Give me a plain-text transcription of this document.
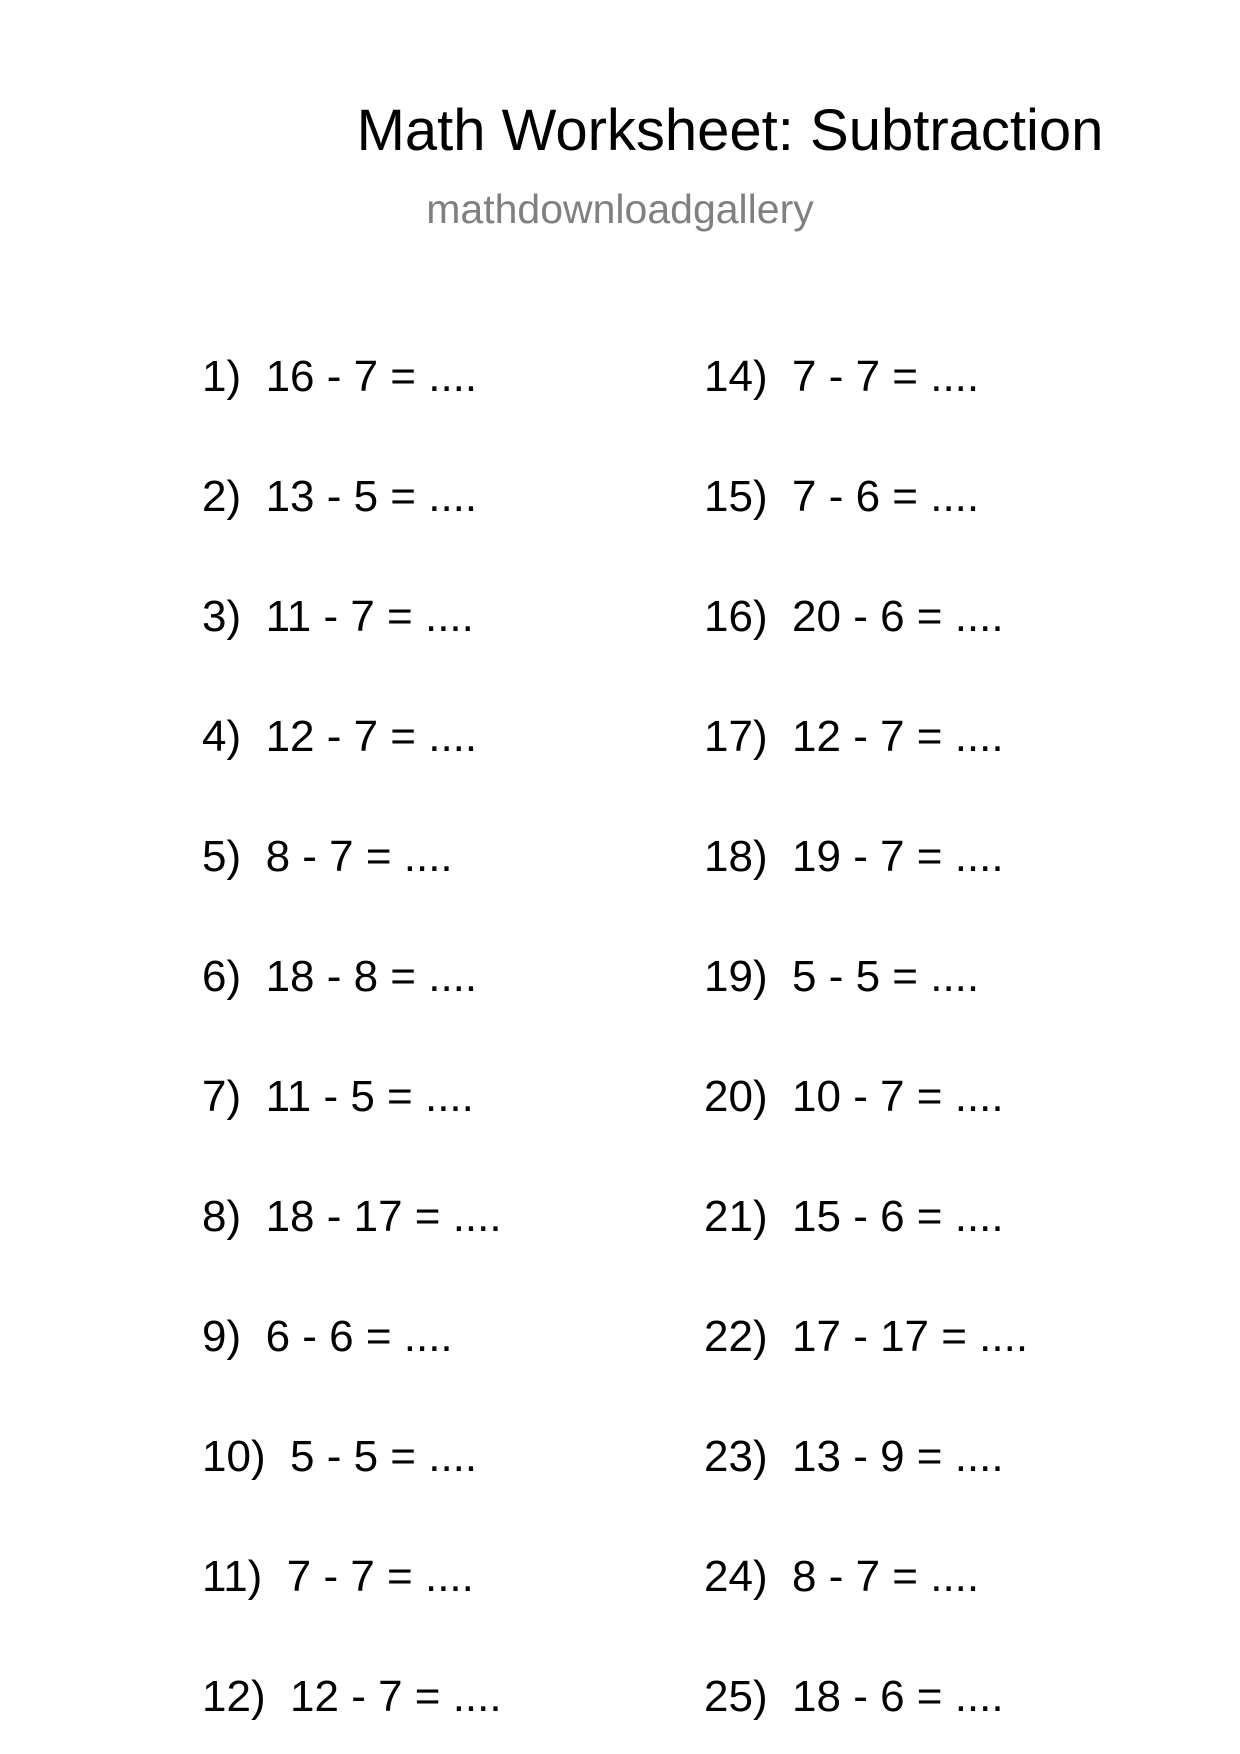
Math Worksheet: Subtraction
mathdownloadgallery
1)  16 - 7 = ....
2)  13 - 5 = ....
3)  11 - 7 = ....
4)  12 - 7 = ....
5)  8 - 7 = ....
6)  18 - 8 = ....
7)  11 - 5 = ....
8)  18 - 17 = ....
9)  6 - 6 = ....
10)  5 - 5 = ....
11)  7 - 7 = ....
12)  12 - 7 = ....
14)  7 - 7 = ....
15)  7 - 6 = ....
16)  20 - 6 = ....
17)  12 - 7 = ....
18)  19 - 7 = ....
19)  5 - 5 = ....
20)  10 - 7 = ....
21)  15 - 6 = ....
22)  17 - 17 = ....
23)  13 - 9 = ....
24)  8 - 7 = ....
25)  18 - 6 = ....
